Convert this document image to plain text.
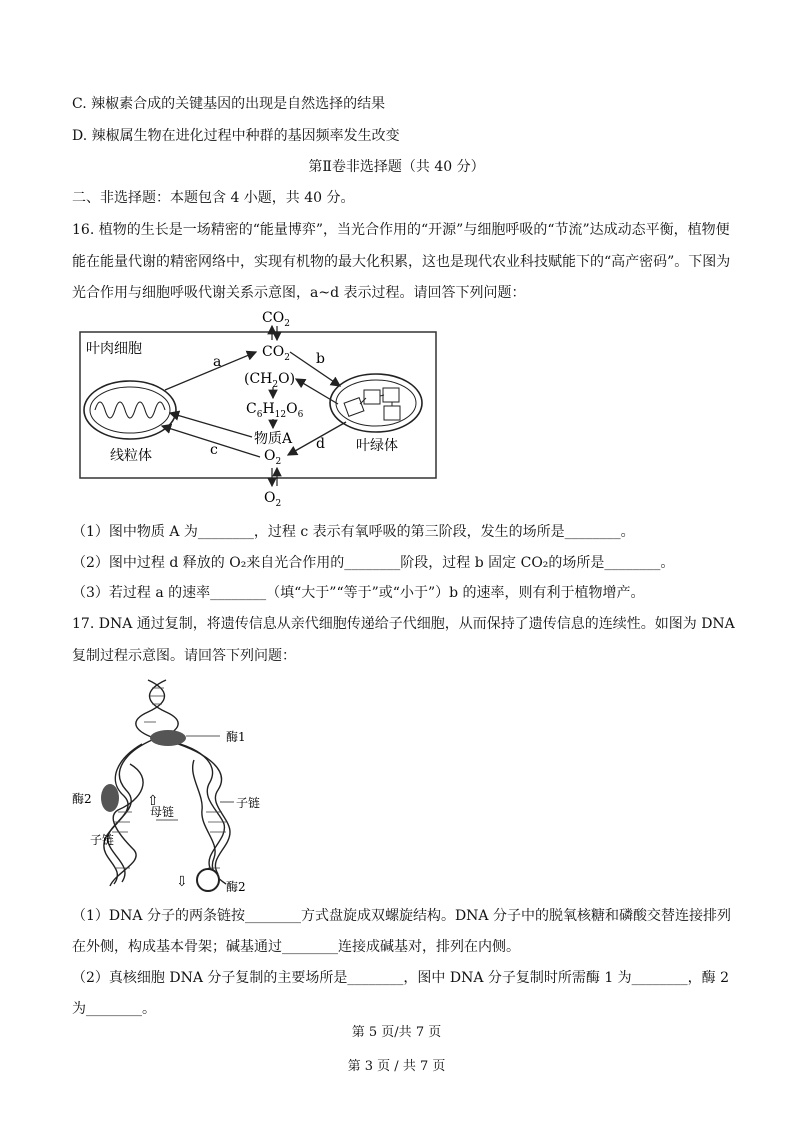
C. 辣椒素合成的关键基因的出现是自然选择的结果
D. 辣椒属生物在进化过程中种群的基因频率发生改变
第Ⅱ卷非选择题（共 40 分）
二、非选择题：本题包含 4 小题，共 40 分。
16. 植物的生长是一场精密的“能量博弈”，当光合作用的“开源”与细胞呼吸的“节流”达成动态平衡，植物便
能在能量代谢的精密网络中，实现有机物的最大化积累，这也是现代农业科技赋能下的“高产密码”。下图为
光合作用与细胞呼吸代谢关系示意图，a~d 表示过程。请回答下列问题：
叶肉细胞
$CO_2$
$CO_2$
$(CH_2O)$
$C_6H_{12}O_6$
物质A
$O_2$
$O_2$
线粒体
叶绿体
a	b
c	d
（1）图中物质 A 为________，过程 c 表示有氧呼吸的第三阶段，发生的场所是________。
（2）图中过程 d 释放的 O₂来自光合作用的________阶段，过程 b 固定 CO₂的场所是________。
（3）若过程 a 的速率________（填“大于”“等于”或“小于”）b 的速率，则有利于植物增产。
17. DNA 通过复制，将遗传信息从亲代细胞传递给子代细胞，从而保持了遗传信息的连续性。如图为 DNA
复制过程示意图。请回答下列问题：
酶1
酶2	⇧
母链
子链
子链
⇩	酶2
（1）DNA 分子的两条链按________方式盘旋成双螺旋结构。DNA 分子中的脱氧核糖和磷酸交替连接排列
在外侧，构成基本骨架；碱基通过________连接成碱基对，排列在内侧。
（2）真核细胞 DNA 分子复制的主要场所是________，图中 DNA 分子复制时所需酶 1 为________，酶 2
为________。
第 5 页/共 7 页
第 3 页 / 共 7 页
